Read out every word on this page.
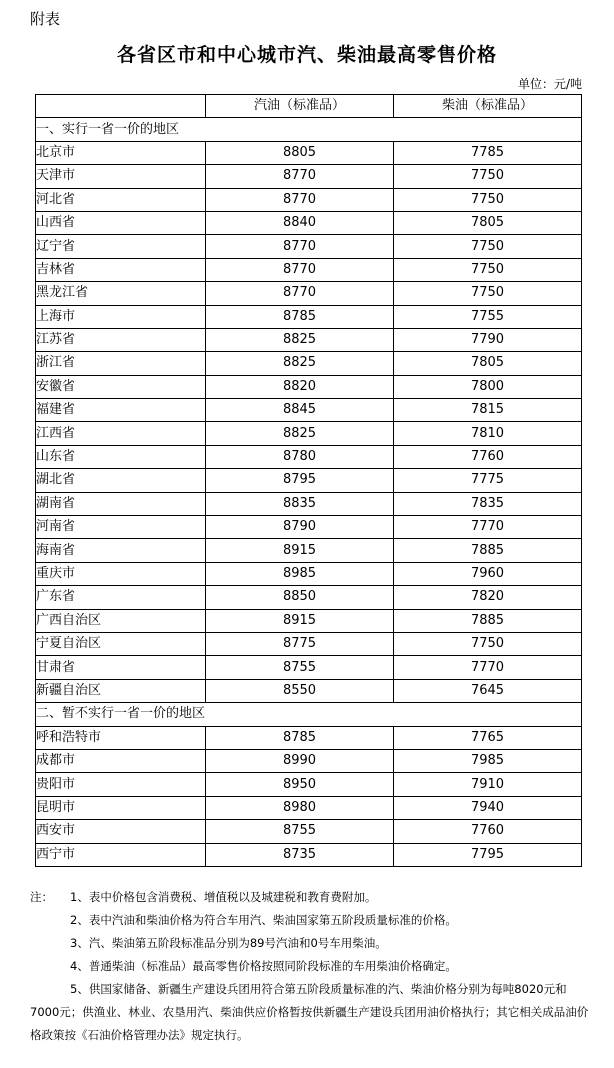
附表
各省区市和中心城市汽、柴油最高零售价格
单位：元/吨
	汽油（标准品）	柴油（标准品）
一、实行一省一价的地区		
北京市	8805	7785
天津市	8770	7750
河北省	8770	7750
山西省	8840	7805
辽宁省	8770	7750
吉林省	8770	7750
黑龙江省	8770	7750
上海市	8785	7755
江苏省	8825	7790
浙江省	8825	7805
安徽省	8820	7800
福建省	8845	7815
江西省	8825	7810
山东省	8780	7760
湖北省	8795	7775
湖南省	8835	7835
河南省	8790	7770
海南省	8915	7885
重庆市	8985	7960
广东省	8850	7820
广西自治区	8915	7885
宁夏自治区	8775	7750
甘肃省	8755	7770
新疆自治区	8550	7645
二、暂不实行一省一价的地区		
呼和浩特市	8785	7765
成都市	8990	7985
贵阳市	8950	7910
昆明市	8980	7940
西安市	8755	7760
西宁市	8735	7795
注： 1、表中价格包含消费税、增值税以及城建税和教育费附加。
2、表中汽油和柴油价格为符合车用汽、柴油国家第五阶段质量标准的价格。
3、汽、柴油第五阶段标准品分别为89号汽油和0号车用柴油。
4、普通柴油（标准品）最高零售价格按照同阶段标准的车用柴油价格确定。
5、供国家储备、新疆生产建设兵团用符合第五阶段质量标准的汽、柴油价格分别为每吨8020元和7000元；供渔业、林业、农垦用汽、柴油供应价格暂按供新疆生产建设兵团用油价格执行；其它相关成品油价格政策按《石油价格管理办法》规定执行。
